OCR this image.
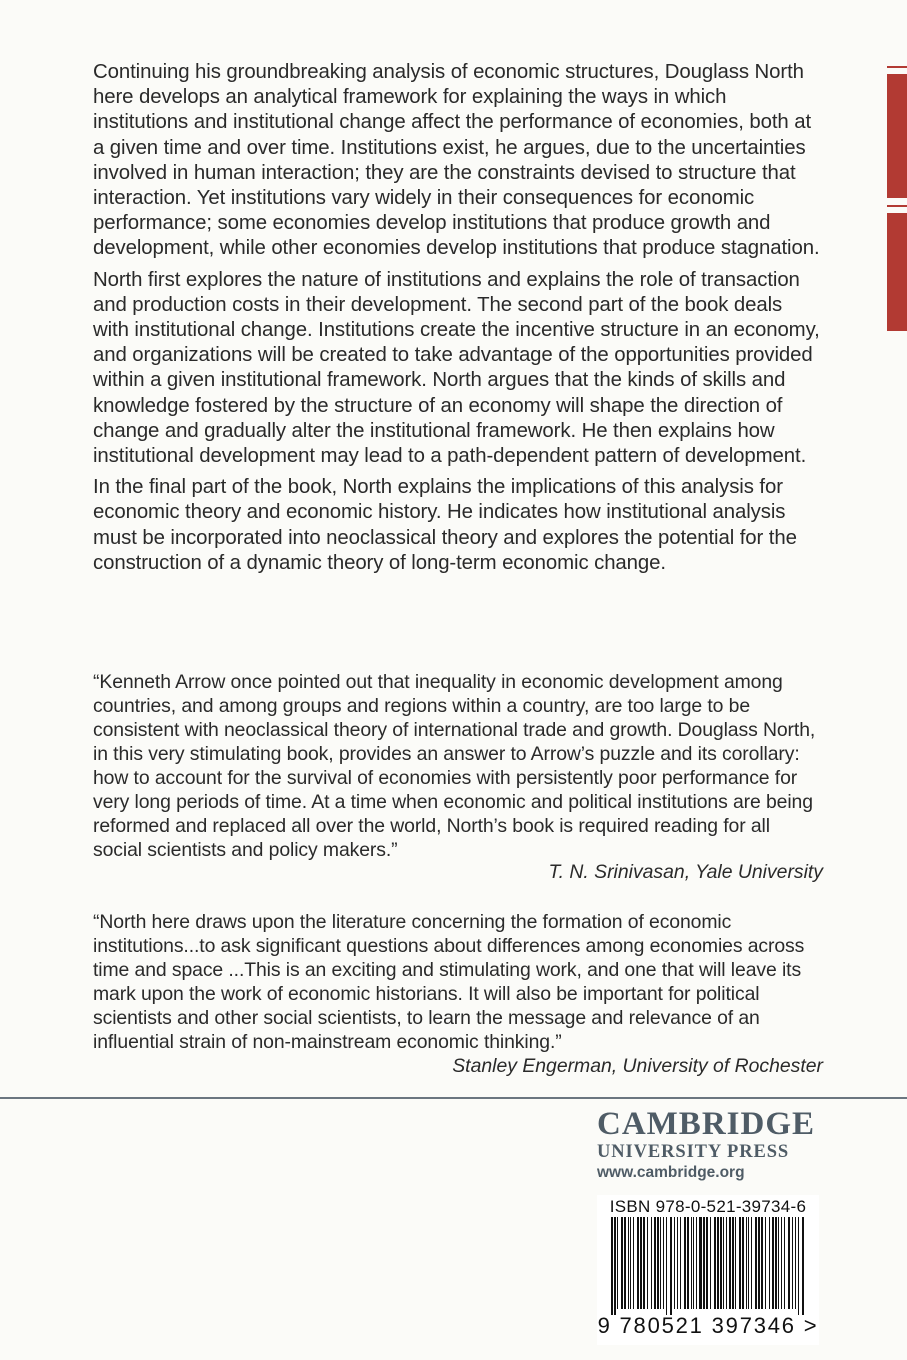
Continuing his groundbreaking analysis of economic structures, Douglass North here develops an analytical framework for explaining the ways in which institutions and institutional change affect the performance of economies, both at a given time and over time. Institutions exist, he argues, due to the uncertainties involved in human interaction; they are the constraints devised to structure that interaction. Yet institutions vary widely in their consequences for economic performance; some economies develop institutions that produce growth and development, while other economies develop institutions that produce stagnation.

North first explores the nature of institutions and explains the role of transaction and production costs in their development. The second part of the book deals with institutional change. Institutions create the incentive structure in an economy, and organizations will be created to take advantage of the opportunities provided within a given institutional framework. North argues that the kinds of skills and knowledge fostered by the structure of an economy will shape the direction of change and gradually alter the institutional framework. He then explains how institutional development may lead to a path-dependent pattern of development.

In the final part of the book, North explains the implications of this analysis for economic theory and economic history. He indicates how institutional analysis must be incorporated into neoclassical theory and explores the potential for the construction of a dynamic theory of long-term economic change.

“Kenneth Arrow once pointed out that inequality in economic development among countries, and among groups and regions within a country, are too large to be consistent with neoclassical theory of international trade and growth. Douglass North, in this very stimulating book, provides an answer to Arrow’s puzzle and its corollary: how to account for the survival of economies with persistently poor performance for very long periods of time. At a time when economic and political institutions are being reformed and replaced all over the world, North’s book is required reading for all social scientists and policy makers.”

T. N. Srinivasan, Yale University

“North here draws upon the literature concerning the formation of economic institutions...to ask significant questions about differences among economies across time and space ...This is an exciting and stimulating work, and one that will leave its mark upon the work of economic historians. It will also be important for political scientists and other social scientists, to learn the message and relevance of an influential strain of non-mainstream economic thinking.”

Stanley Engerman, University of Rochester
CAMBRIDGE
UNIVERSITY PRESS
www.cambridge.org
ISBN 978-0-521-39734-6
9 780521 397346 >
